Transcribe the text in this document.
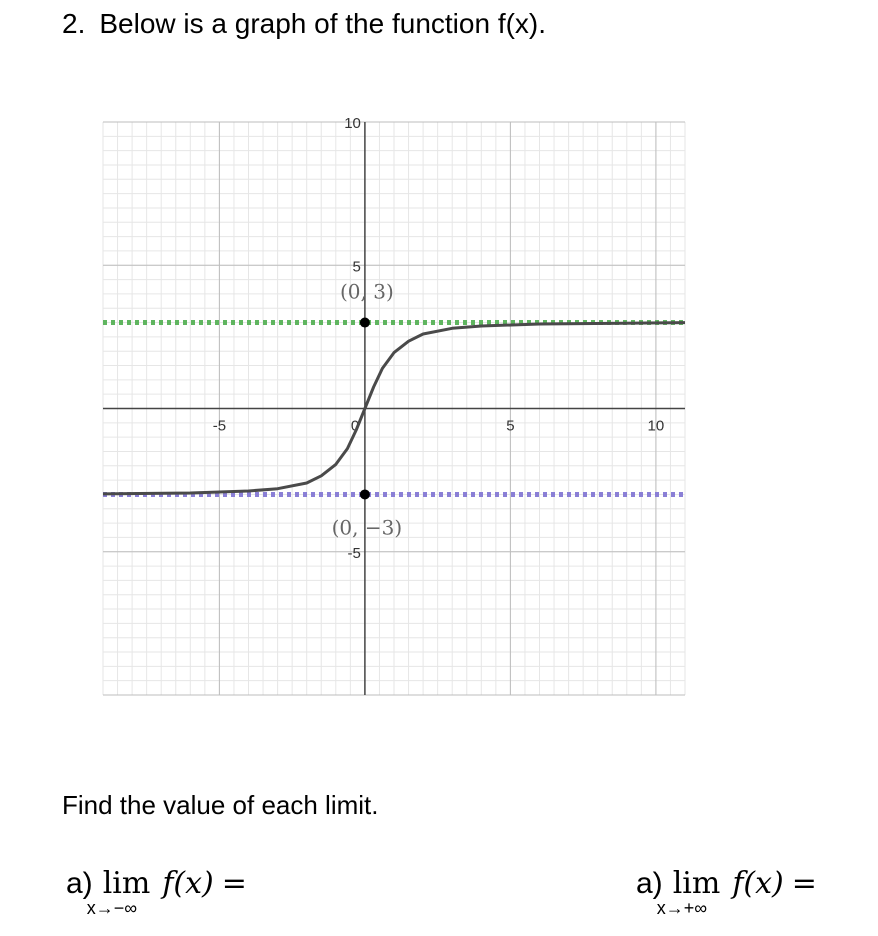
2. Below is a graph of the function f(x).
-5	0	5	10
10
5
-5
(0, 3)
(0, −3)
Find the value of each limit.
a) lim
x→−∞
f(x) =	a) lim
x→+∞
f(x) =
